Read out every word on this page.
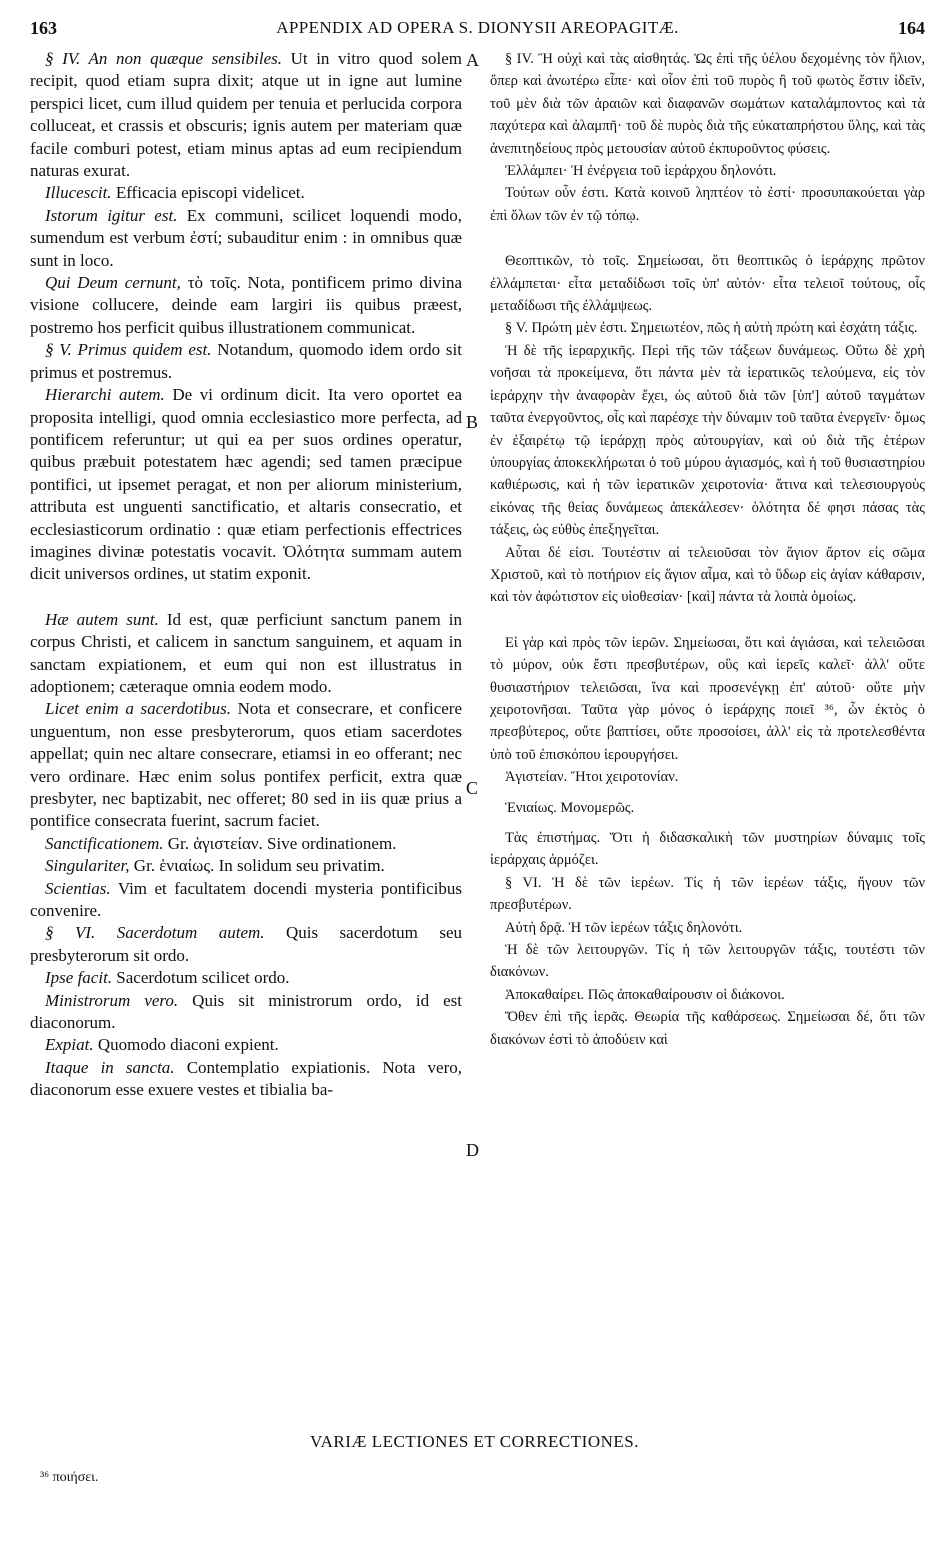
163	APPENDIX AD OPERA S. DIONYSII AREOPAGITÆ.	164
A
B
C
D

§ IV. An non quæque sensibiles. Ut in vitro quod solem recipit, quod etiam supra dixit; atque ut in igne aut lumine perspici licet, cum illud quidem per tenuia et perlucida corpora colluceat, et crassis et obscuris; ignis autem per materiam quæ facile comburi potest, etiam minus aptas ad eum recipiendum naturas exurat.

Illucescit. Efficacia episcopi videlicet.

Istorum igitur est. Ex communi, scilicet loquendi modo, sumendum est verbum ἐστί; subauditur enim : in omnibus quæ sunt in loco.

Qui Deum cernunt, τὸ τοῖς. Nota, pontificem primo divina visione collucere, deinde eam largiri iis quibus præest, postremo hos perficit quibus illustrationem communicat.

§ V. Primus quidem est. Notandum, quomodo idem ordo sit primus et postremus.

Hierarchi autem. De vi ordinum dicit. Ita vero oportet ea proposita intelligi, quod omnia ecclesiastico more perfecta, ad pontificem referuntur; ut qui ea per suos ordines operatur, quibus præbuit potestatem hæc agendi; sed tamen præcipue pontifici, ut ipsemet peragat, et non per aliorum ministerium, attributa est unguenti sanctificatio, et altaris consecratio, et ecclesiasticorum ordinatio : quæ etiam perfectionis effectrices imagines divinæ potestatis vocavit. Ὁλότητα summam autem dicit universos ordines, ut statim exponit.

Hæ autem sunt. Id est, quæ perficiunt sanctum panem in corpus Christi, et calicem in sanctum sanguinem, et aquam in sanctam expiationem, et eum qui non est illustratus in adoptionem; cæteraque omnia eodem modo.

Licet enim a sacerdotibus. Nota et consecrare, et conficere unguentum, non esse presbyterorum, quos etiam sacerdotes appellat; quin nec altare consecrare, etiamsi in eo offerant; nec vero ordinare. Hæc enim solus pontifex perficit, extra quæ presbyter, nec baptizabit, nec offeret; 80 sed in iis quæ prius a pontifice consecrata fuerint, sacrum faciet.

Sanctificationem. Gr. ἁγιστείαν. Sive ordinationem.

Singulariter, Gr. ἑνιαίως. In solidum seu privatim.

Scientias. Vim et facultatem docendi mysteria pontificibus convenire.

§ VI. Sacerdotum autem. Quis sacerdotum seu presbyterorum sit ordo.

Ipse facit. Sacerdotum scilicet ordo.

Ministrorum vero. Quis sit ministrorum ordo, id est diaconorum.

Expiat. Quomodo diaconi expient.

Itaque in sancta. Contemplatio expiationis. Nota vero, diaconorum esse exuere vestes et tibialia ba-

§ IV. Ἢ οὐχὶ καὶ τὰς αἰσθητάς. Ὡς ἐπὶ τῆς ὑέλου δεχομένης τὸν ἥλιον, ὅπερ καὶ ἀνωτέρω εἶπε· καὶ οἷον ἐπὶ τοῦ πυρὸς ἢ τοῦ φωτὸς ἔστιν ἰδεῖν, τοῦ μὲν διὰ τῶν ἀραιῶν καὶ διαφανῶν σωμάτων καταλάμποντος καὶ τὰ παχύτερα καὶ ἀλαμπῆ· τοῦ δὲ πυρὸς διὰ τῆς εὐκαταπρήστου ὕλης, καὶ τὰς ἀνεπιτηδείους πρὸς μετουσίαν αὐτοῦ ἐκπυροῦντος φύσεις.

Ἐλλάμπει· Ἡ ἐνέργεια τοῦ ἱεράρχου δηλονότι.

Τούτων οὖν ἐστι. Κατὰ κοινοῦ ληπτέον τὸ ἐστί· προσυπακούεται γὰρ ἐπὶ ὅλων τῶν ἐν τῷ τόπῳ.

Θεοπτικῶν, τὸ τοῖς. Σημείωσαι, ὅτι θεοπτικῶς ὁ ἱεράρχης πρῶτον ἐλλάμπεται· εἶτα μεταδίδωσι τοῖς ὑπ' αὐτόν· εἶτα τελειοῖ τούτους, οἷς μεταδίδωσι τῆς ἐλλάμψεως.

§ V. Πρώτη μὲν ἐστι. Σημειωτέον, πῶς ἡ αὐτὴ πρώτη καὶ ἐσχάτη τάξις.

Ἡ δὲ τῆς ἱεραρχικῆς. Περὶ τῆς τῶν τάξεων δυνάμεως. Οὕτω δὲ χρὴ νοῆσαι τὰ προκείμενα, ὅτι πάντα μὲν τὰ ἱερατικῶς τελούμενα, εἰς τὸν ἱεράρχην τὴν ἀναφορὰν ἔχει, ὡς αὐτοῦ διὰ τῶν [ὑπ'] αὐτοῦ ταγμάτων ταῦτα ἐνεργοῦντος, οἷς καὶ παρέσχε τὴν δύναμιν τοῦ ταῦτα ἐνεργεῖν· ὅμως ἐν ἐξαιρέτῳ τῷ ἱεράρχῃ πρὸς αὐτουργίαν, καὶ οὐ διὰ τῆς ἑτέρων ὑπουργίας ἀποκεκλήρωται ὁ τοῦ μύρου ἁγιασμός, καὶ ἡ τοῦ θυσιαστηρίου καθιέρωσις, καὶ ἡ τῶν ἱερατικῶν χειροτονία· ἅτινα καὶ τελεσιουργοὺς εἰκόνας τῆς θείας δυνάμεως ἀπεκάλεσεν· ὁλότητα δέ φησι πάσας τὰς τάξεις, ὡς εὐθὺς ἐπεξηγεῖται.

Αὗται δέ εἰσι. Τουτέστιν αἱ τελειοῦσαι τὸν ἅγιον ἄρτον εἰς σῶμα Χριστοῦ, καὶ τὸ ποτήριον εἰς ἅγιον αἷμα, καὶ τὸ ὕδωρ εἰς ἁγίαν κάθαρσιν, καὶ τὸν ἀφώτιστον εἰς υἱοθεσίαν· [καὶ] πάντα τὰ λοιπὰ ὁμοίως.

Εἰ γὰρ καὶ πρὸς τῶν ἱερῶν. Σημείωσαι, ὅτι καὶ ἁγιάσαι, καὶ τελειῶσαι τὸ μύρον, οὐκ ἔστι πρεσβυτέρων, οὓς καὶ ἱερεῖς καλεῖ· ἀλλ' οὔτε θυσιαστήριον τελειῶσαι, ἵνα καὶ προσενέγκῃ ἐπ' αὐτοῦ· οὔτε μὴν χειροτονῆσαι. Ταῦτα γὰρ μόνος ὁ ἱεράρχης ποιεῖ ³⁶, ὧν ἐκτὸς ὁ πρεσβύτερος, οὔτε βαπτίσει, οὔτε προσοίσει, ἀλλ' εἰς τὰ προτελεσθέντα ὑπὸ τοῦ ἐπισκόπου ἱερουργήσει.

Ἁγιστείαν. Ἤτοι χειροτονίαν.

Ἑνιαίως. Μονομερῶς.

Τὰς ἐπιστήμας. Ὅτι ἡ διδασκαλικὴ τῶν μυστηρίων δύναμις τοῖς ἱεράρχαις ἁρμόζει.

§ VI. Ἡ δὲ τῶν ἱερέων. Τίς ἡ τῶν ἱερέων τάξις, ἤγουν τῶν πρεσβυτέρων.

Αὐτὴ δρᾷ. Ἡ τῶν ἱερέων τάξις δηλονότι.

Ἡ δὲ τῶν λειτουργῶν. Τίς ἡ τῶν λειτουργῶν τάξις, τουτέστι τῶν διακόνων.

Ἀποκαθαίρει. Πῶς ἀποκαθαίρουσιν οἱ διάκονοι.

Ὅθεν ἐπὶ τῆς ἱερᾶς. Θεωρία τῆς καθάρσεως. Σημείωσαι δέ, ὅτι τῶν διακόνων ἐστὶ τὸ ἀποδύειν καὶ

VARIÆ LECTIONES ET CORRECTIONES.
³⁶ ποιήσει.
